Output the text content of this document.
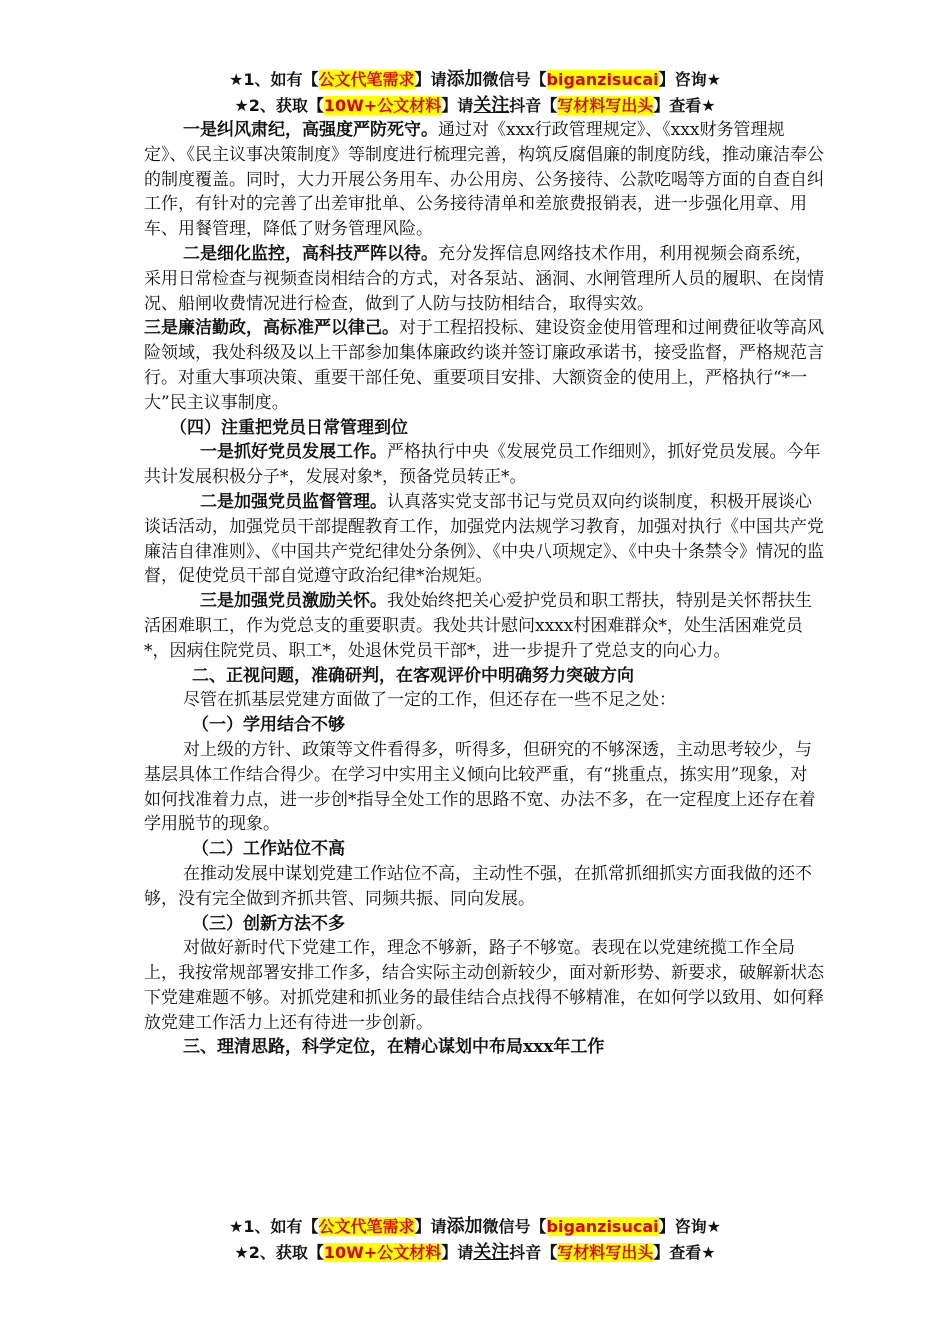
★1、如有【公文代笔需求】请添加微信号【biganzisucai】咨询★
★2、获取【10W+公文材料】请关注抖音【写材料写出头】查看★

一是纠风肃纪，高强度严防死守。通过对《xxx行政管理规定》、《xxx财务管理规定》、《民主议事决策制度》等制度进行梳理完善，构筑反腐倡廉的制度防线，推动廉洁奉公的制度覆盖。同时，大力开展公务用车、办公用房、公务接待、公款吃喝等方面的自查自纠工作，有针对的完善了出差审批单、公务接待清单和差旅费报销表，进一步强化用章、用车、用餐管理，降低了财务管理风险。

二是细化监控，高科技严阵以待。充分发挥信息网络技术作用，利用视频会商系统，采用日常检查与视频查岗相结合的方式，对各泵站、涵洞、水闸管理所人员的履职、在岗情况、船闸收费情况进行检查，做到了人防与技防相结合，取得实效。

三是廉洁勤政，高标准严以律己。对于工程招投标、建设资金使用管理和过闸费征收等高风险领域，我处科级及以上干部参加集体廉政约谈并签订廉政承诺书，接受监督，严格规范言行。对重大事项决策、重要干部任免、重要项目安排、大额资金的使用上，严格执行“*一大”民主议事制度。

（四）注重把党员日常管理到位

一是抓好党员发展工作。严格执行中央《发展党员工作细则》，抓好党员发展。今年共计发展积极分子*，发展对象*，预备党员转正*。

二是加强党员监督管理。认真落实党支部书记与党员双向约谈制度，积极开展谈心谈话活动，加强党员干部提醒教育工作，加强党内法规学习教育，加强对执行《中国共产党廉洁自律准则》、《中国共产党纪律处分条例》、《中央八项规定》、《中央十条禁令》情况的监督，促使党员干部自觉遵守政治纪律*治规矩。

三是加强党员激励关怀。我处始终把关心爱护党员和职工帮扶，特别是关怀帮扶生活困难职工，作为党总支的重要职责。我处共计慰问xxxx村困难群众*，处生活困难党员*，因病住院党员、职工*，处退休党员干部*，进一步提升了党总支的向心力。

二、正视问题，准确研判，在客观评价中明确努力突破方向

尽管在抓基层党建方面做了一定的工作，但还存在一些不足之处：

（一）学用结合不够

对上级的方针、政策等文件看得多，听得多，但研究的不够深透，主动思考较少，与基层具体工作结合得少。在学习中实用主义倾向比较严重，有“挑重点，拣实用”现象，对如何找准着力点，进一步创*指导全处工作的思路不宽、办法不多，在一定程度上还存在着学用脱节的现象。

（二）工作站位不高

在推动发展中谋划党建工作站位不高，主动性不强，在抓常抓细抓实方面我做的还不够，没有完全做到齐抓共管、同频共振、同向发展。

（三）创新方法不多

对做好新时代下党建工作，理念不够新，路子不够宽。表现在以党建统揽工作全局上，我按常规部署安排工作多，结合实际主动创新较少，面对新形势、新要求，破解新状态下党建难题不够。对抓党建和抓业务的最佳结合点找得不够精准，在如何学以致用、如何释放党建工作活力上还有待进一步创新。

三、理清思路，科学定位，在精心谋划中布局xxx年工作

★1、如有【公文代笔需求】请添加微信号【biganzisucai】咨询★
★2、获取【10W+公文材料】请关注抖音【写材料写出头】查看★
